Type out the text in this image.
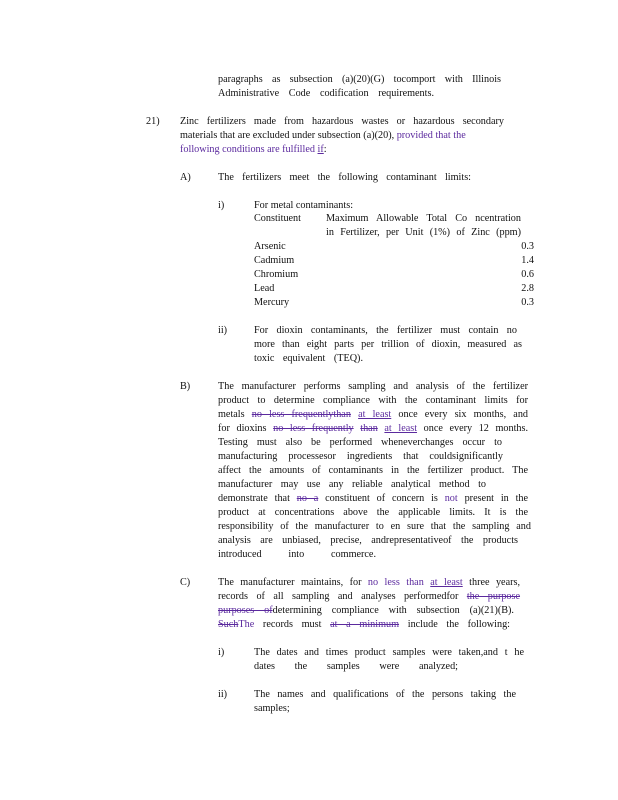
paragraphs as subsection (a)(20)(G) tocomport with Illinois
Administrative Code codification requirements.
21) Zinc fertilizers made from hazardous wastes or hazardous secondary
materials that are excluded under subsection (a)(20), provided that the
following conditions are fulfilled if:
A)	The fertilizers meet the following contaminant limits:
i)	For metal contaminants:
Constituent Maximum Allowable Total Co ncentration
in Fertilizer, per Unit (1%) of Zinc (ppm)
Arsenic	0.3
Cadmium	1.4
Chromium	0.6
Lead	2.8
Mercury	0.3
ii)	For dioxin contaminants, the fertilizer must contain no
more than eight parts per trillion of dioxin, measured as
toxic equivalent (TEQ).
B)	The manufacturer performs sampling and analysis of the fertilizer
product to determine compliance with the contaminant limits for
metals no less frequentlythan at least once every six months, and
for dioxins no less frequently than at least once every 12 months.
Testing must also be performed wheneverchanges occur to
manufacturing processesor ingredients that couldsignificantly
affect the amounts of contaminants in the fertilizer product. The
manufacturer may use any reliable analytical method to
demonstrate that no a constituent of concern is not present in the
product at concentrations above the applicable limits. It is the
responsibility of the manufacturer to en sure that the sampling and
analysis are unbiased, precise, andrepresentativeof the products
introduced into commerce.
C)	The manufacturer maintains, for no less than at least three years,
records of all sampling and analyses performedfor the purpose
purposes ofdetermining compliance with subsection (a)(21)(B).
SuchThe records must at a minimum include the following:
i)	The dates and times product samples were taken,and t he
dates the samples were analyzed;
ii)	The names and qualifications of the persons taking the
samples;
